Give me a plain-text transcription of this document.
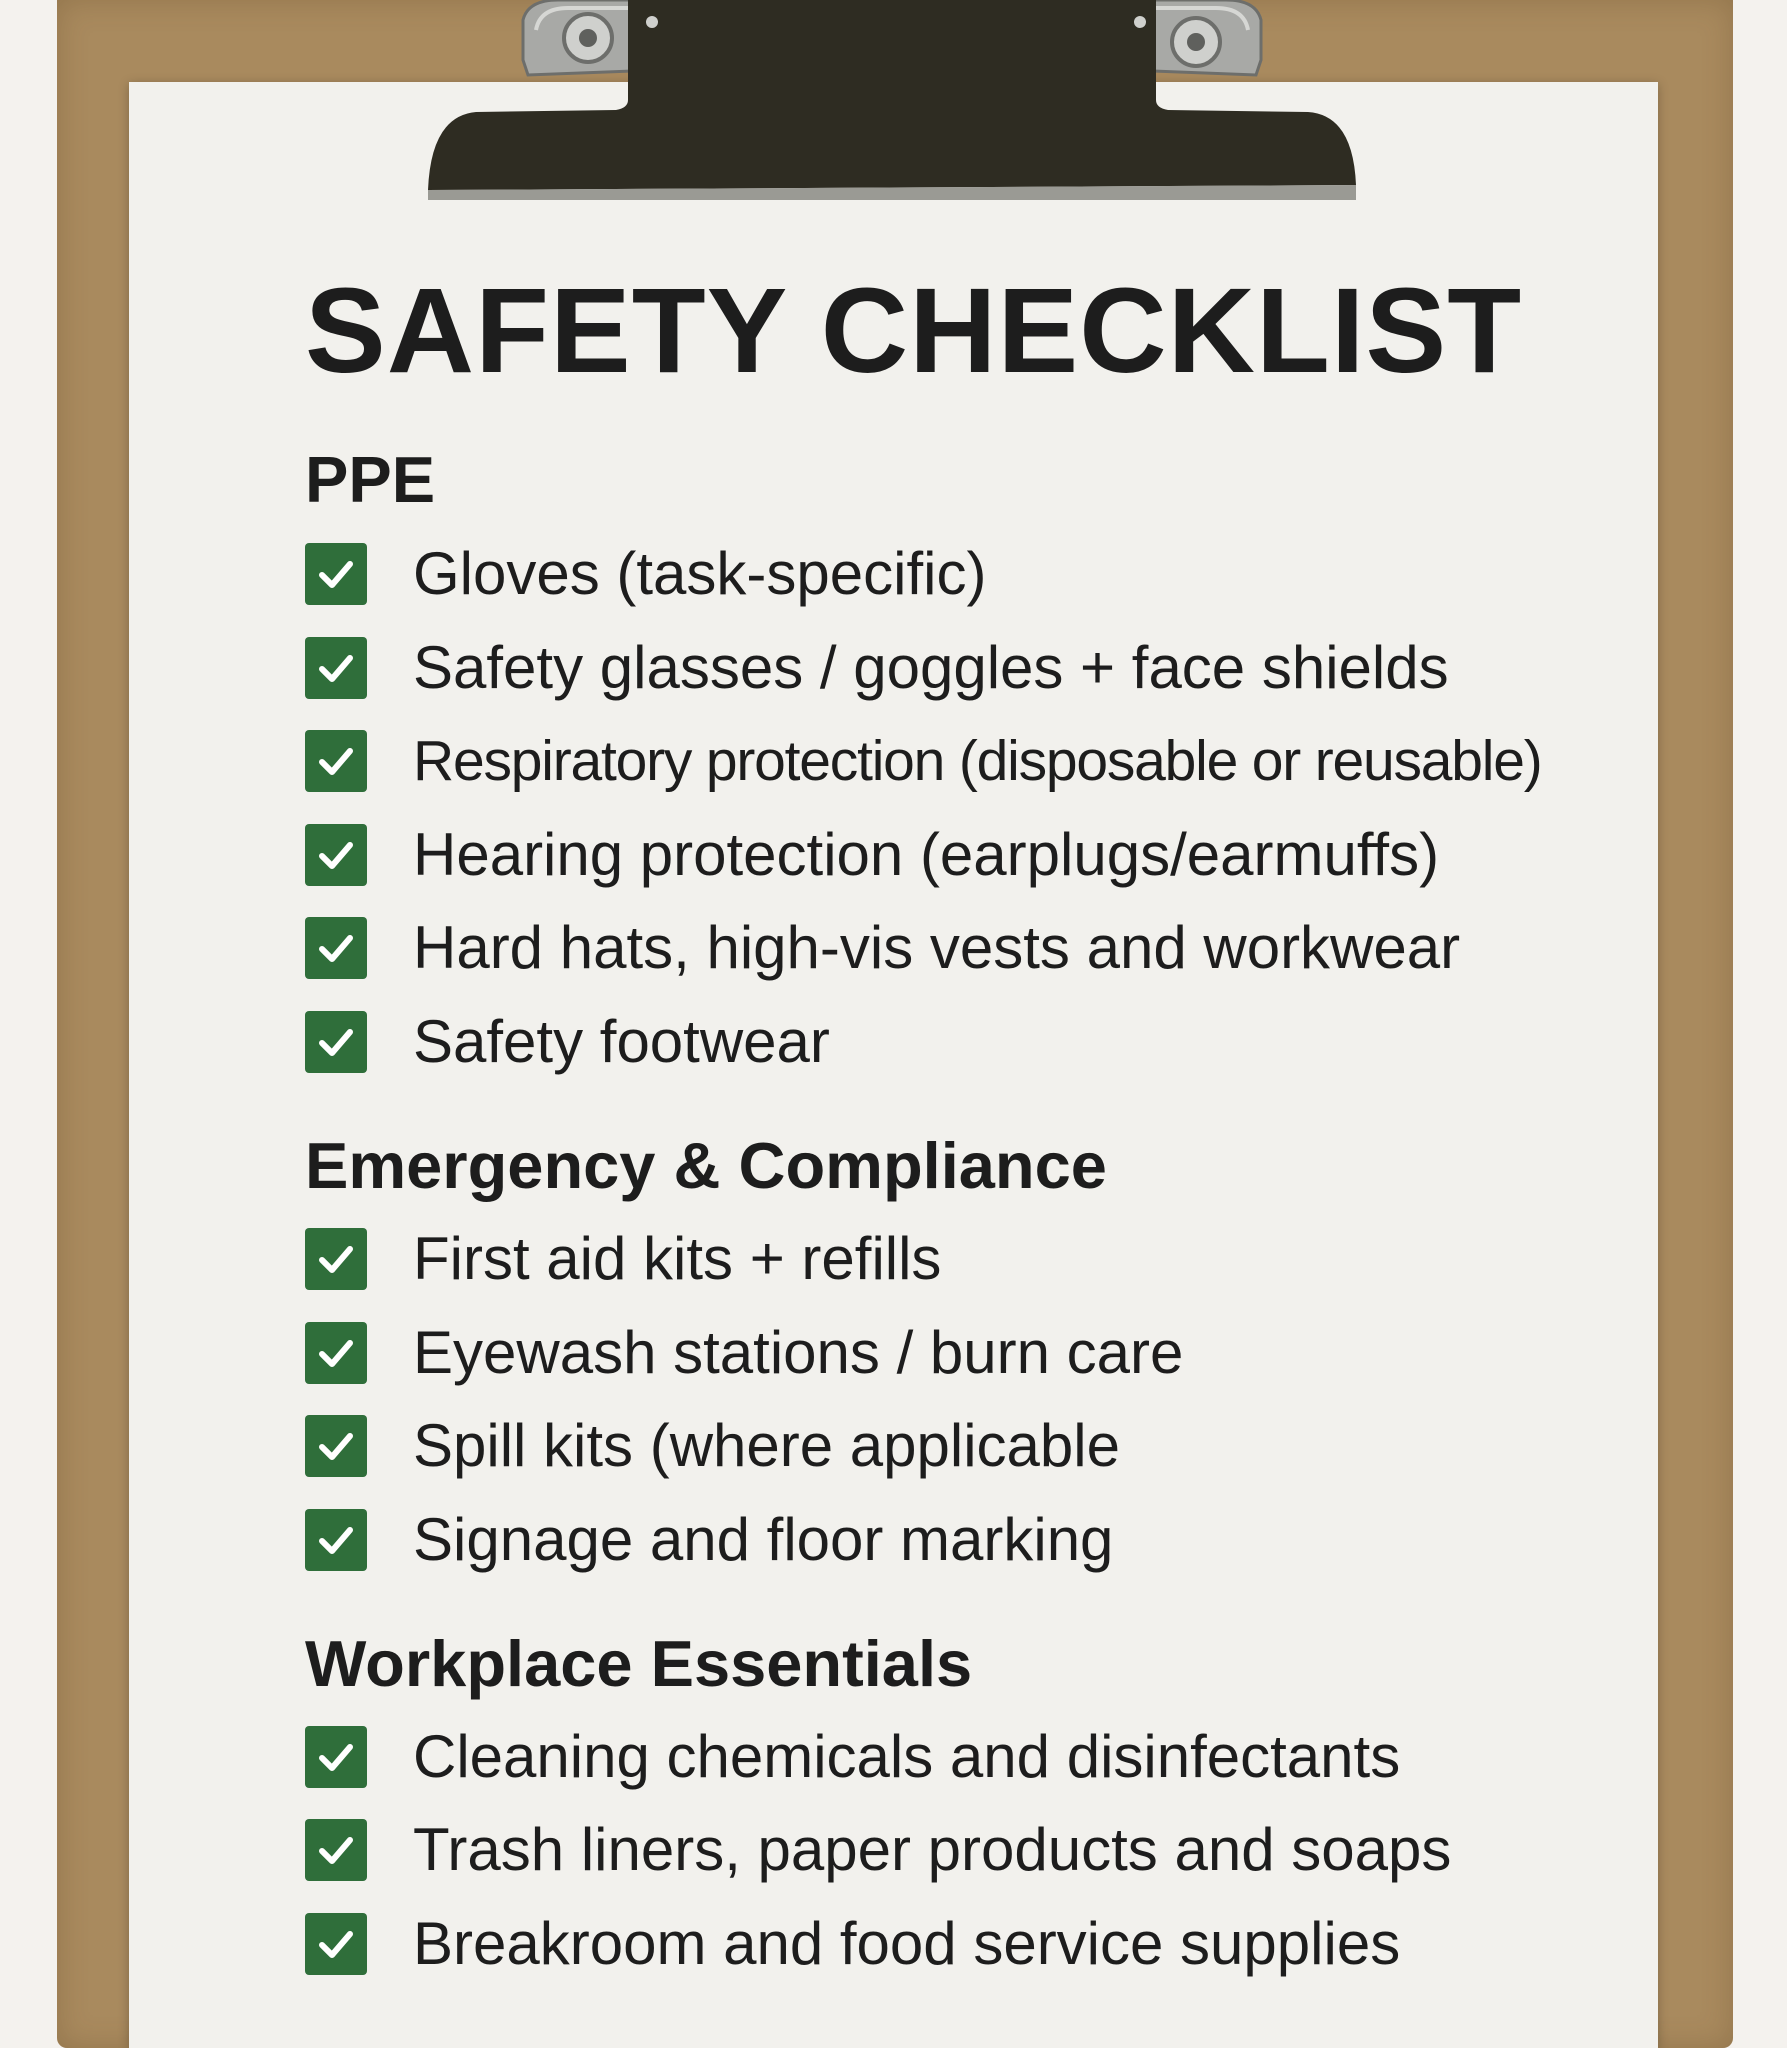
SAFETY CHECKLIST
PPE
Gloves (task-specific)
Safety glasses / goggles + face shields
Respiratory protection (disposable or reusable)
Hearing protection (earplugs/earmuffs)
Hard hats, high-vis vests and workwear
Safety footwear
Emergency & Compliance
First aid kits + refills
Eyewash stations / burn care
Spill kits (where applicable
Signage and floor marking
Workplace Essentials
Cleaning chemicals and disinfectants
Trash liners, paper products and soaps
Breakroom and food service supplies
